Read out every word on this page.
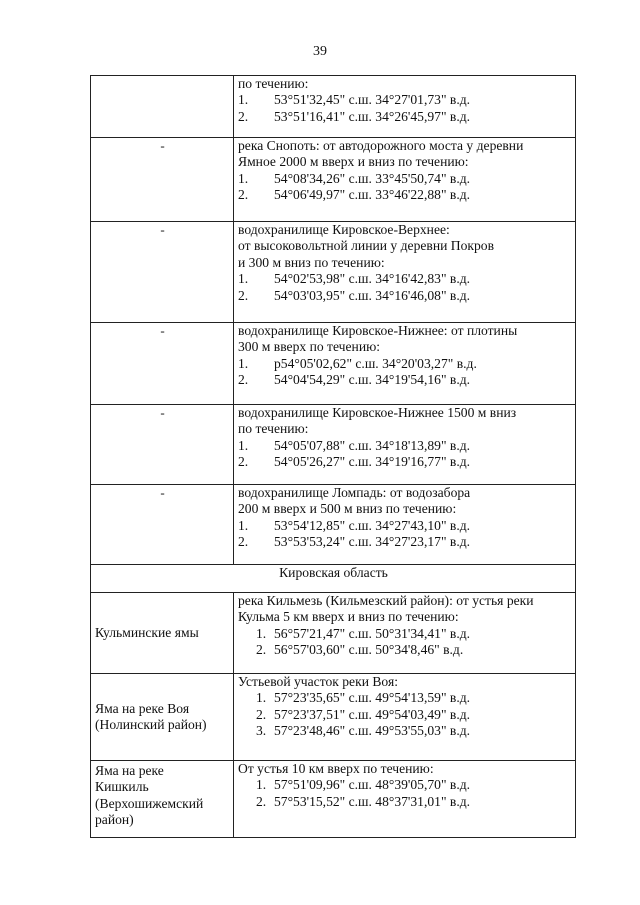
39

	по течению:
1. 53°51'32,45" с.ш. 34°27'01,73" в.д.
2. 53°51'16,41" с.ш. 34°26'45,97" в.д.

-	река Снопоть: от автодорожного моста у деревни
Ямное 2000 м вверх и вниз по течению:
1. 54°08'34,26" с.ш. 33°45'50,74" в.д.
2. 54°06'49,97" с.ш. 33°46'22,88" в.д.

-	водохранилище Кировское-Верхнее:
от высоковольтной линии у деревни Покров
и 300 м вниз по течению:
1. 54°02'53,98" с.ш. 34°16'42,83" в.д.
2. 54°03'03,95" с.ш. 34°16'46,08" в.д.

-	водохранилище Кировское-Нижнее: от плотины
300 м вверх по течению:
1. р54°05'02,62" с.ш. 34°20'03,27" в.д.
2. 54°04'54,29" с.ш. 34°19'54,16" в.д.

-	водохранилище Кировское-Нижнее 1500 м вниз
по течению:
1. 54°05'07,88" с.ш. 34°18'13,89" в.д.
2. 54°05'26,27" с.ш. 34°19'16,77" в.д.

-	водохранилище Ломпадь: от водозабора
200 м вверх и 500 м вниз по течению:
1. 53°54'12,85" с.ш. 34°27'43,10" в.д.
2. 53°53'53,24" с.ш. 34°27'23,17" в.д.

Кировская область	

Кульминские ямы	река Кильмезь (Кильмезский район): от устья реки
Кульма 5 км вверх и вниз по течению:
1. 56°57'21,47" с.ш. 50°31'34,41" в.д.
2. 56°57'03,60" с.ш. 50°34'8,46" в.д.

Яма на реке Воя
(Нолинский район)	Устьевой участок реки Воя:
1. 57°23'35,65" с.ш. 49°54'13,59" в.д.
2. 57°23'37,51" с.ш. 49°54'03,49" в.д.
3. 57°23'48,46" с.ш. 49°53'55,03" в.д.

Яма на реке
Кишкиль
(Верхошижемский
район)	От устья 10 км вверх по течению:
1. 57°51'09,96" с.ш. 48°39'05,70" в.д.
2. 57°53'15,52" с.ш. 48°37'31,01" в.д.
